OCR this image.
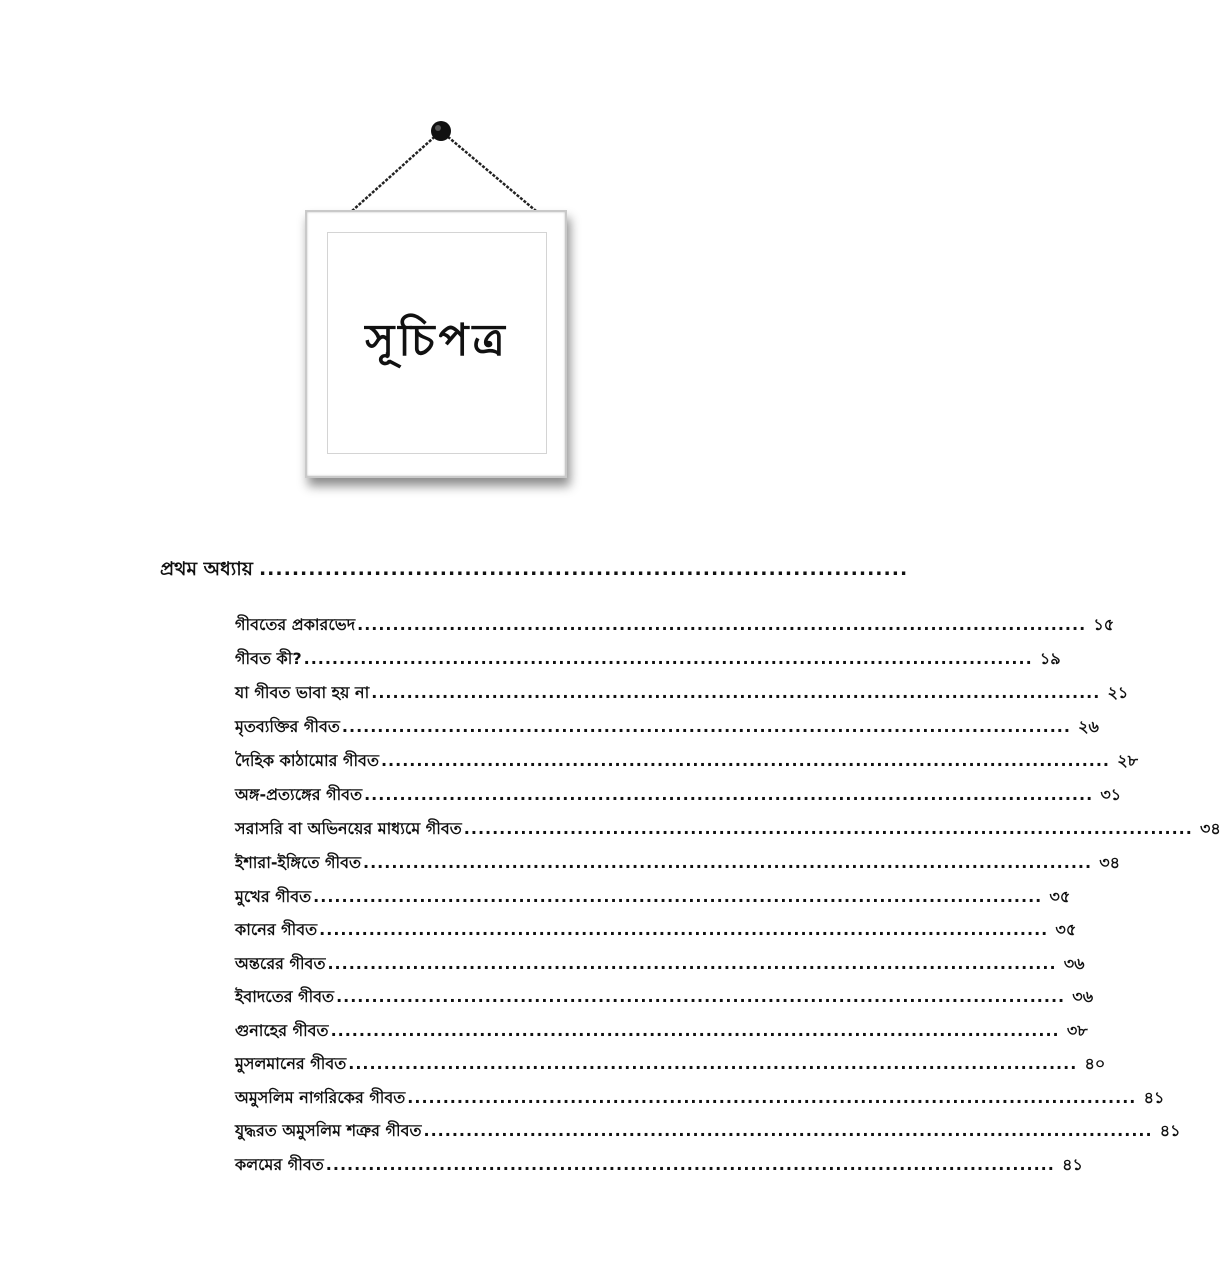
সূচিপত্র
প্রথম অধ্যায় ...............................................................................
গীবতের প্রকারভেদ ....................................................................................................... ১৫
গীবত কী? ....................................................................................................... ১৯
যা গীবত ভাবা হয় না ....................................................................................................... ২১
মৃতব্যক্তির গীবত ....................................................................................................... ২৬
দৈহিক কাঠামোর গীবত ....................................................................................................... ২৮
অঙ্গ-প্রত্যঙ্গের গীবত ....................................................................................................... ৩১
সরাসরি বা অভিনয়ের মাধ্যমে গীবত ....................................................................................................... ৩৪
ইশারা-ইঙ্গিতে গীবত ....................................................................................................... ৩৪
মুখের গীবত ....................................................................................................... ৩৫
কানের গীবত ....................................................................................................... ৩৫
অন্তরের গীবত ....................................................................................................... ৩৬
ইবাদতের গীবত ....................................................................................................... ৩৬
গুনাহের গীবত ....................................................................................................... ৩৮
মুসলমানের গীবত ....................................................................................................... ৪০
অমুসলিম নাগরিকের গীবত ....................................................................................................... ৪১
যুদ্ধরত অমুসলিম শত্রুর গীবত ....................................................................................................... ৪১
কলমের গীবত ....................................................................................................... ৪১
